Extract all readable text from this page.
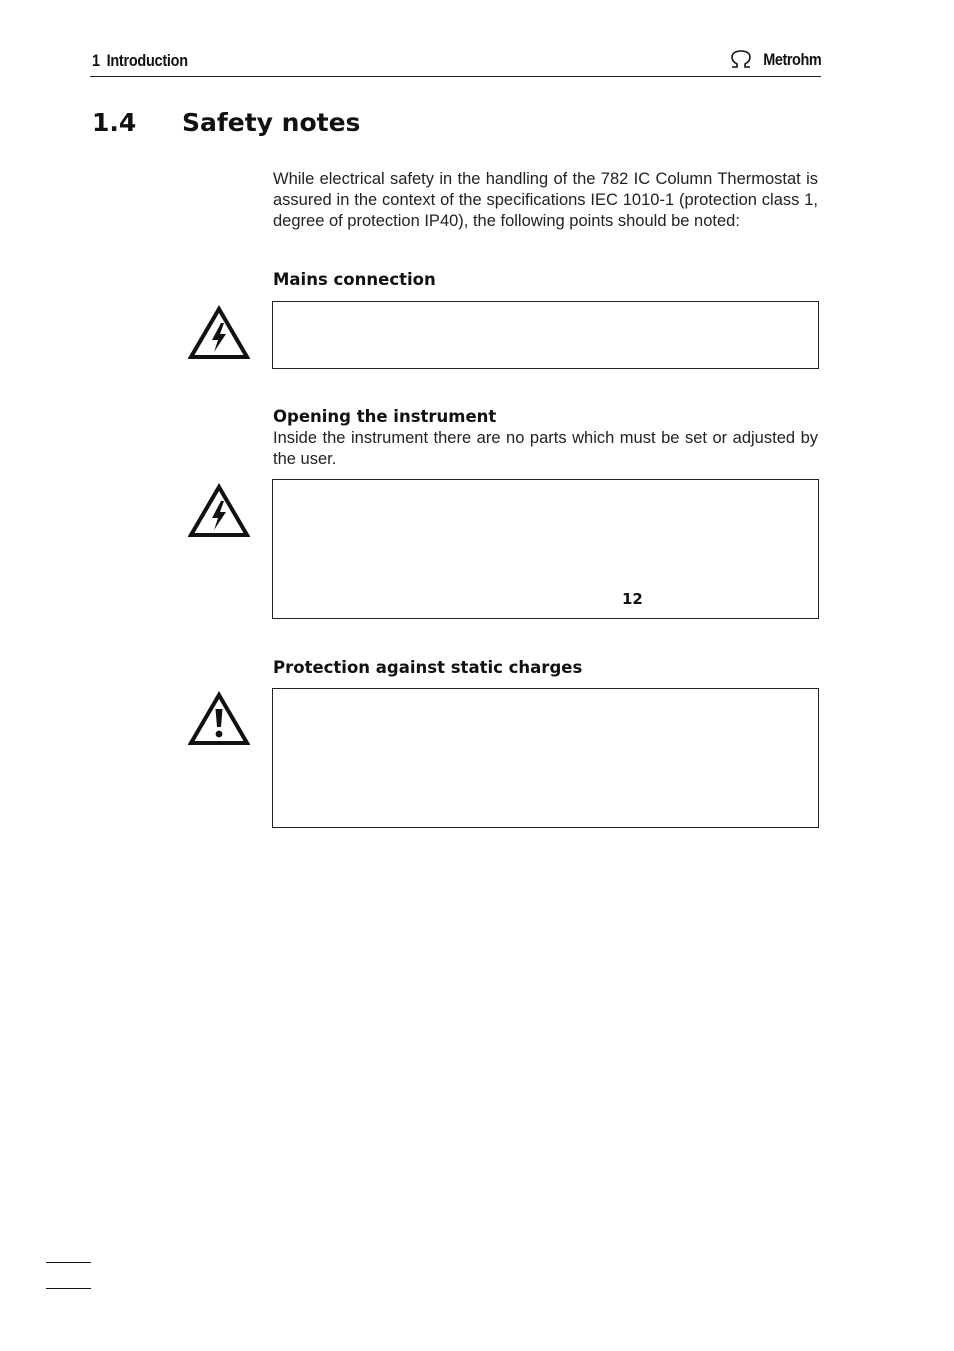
1 Introduction	Metrohm
1.4 Safety notes
While electrical safety in the handling of the 782 IC Column Thermostat is assured in the context of the specifications IEC 1010-1 (protection class 1, degree of protection IP40), the following points should be noted:
Mains connection
Opening the instrument
Inside the instrument there are no parts which must be set or adjusted by the user.
12
Protection against static charges
